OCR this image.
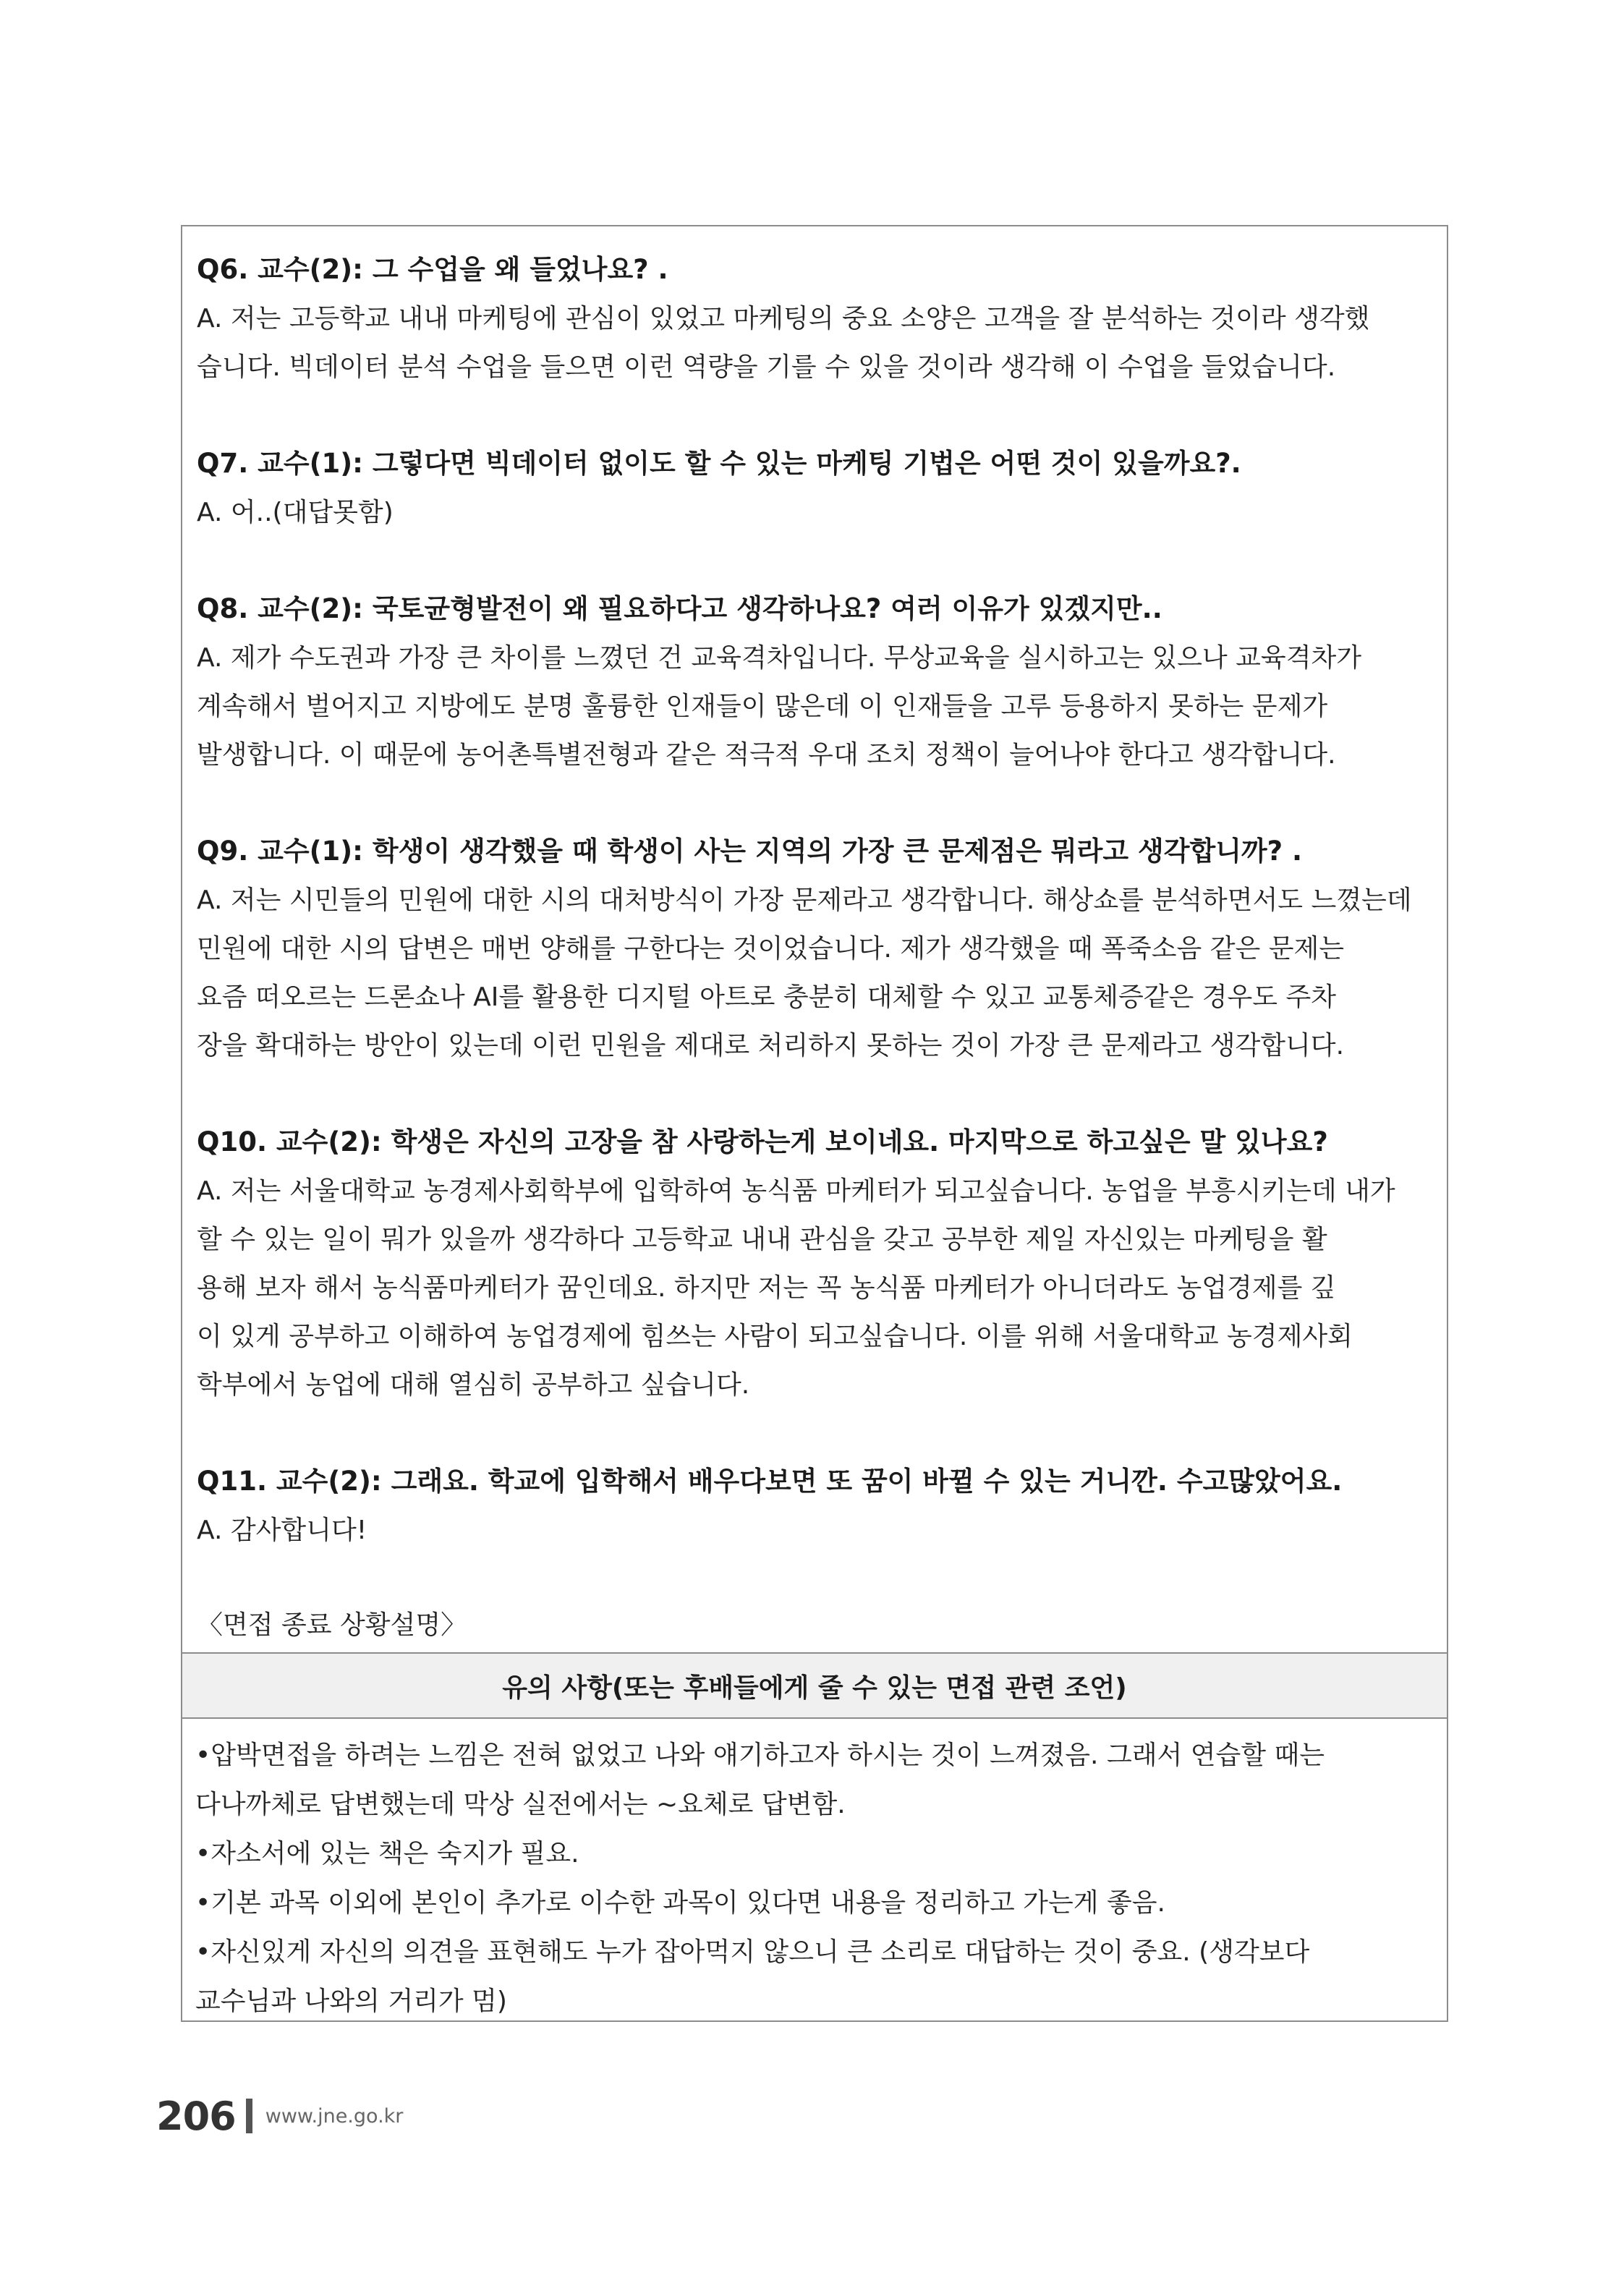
Q6. 교수(2): 그 수업을 왜 들었나요? .
A. 저는 고등학교 내내 마케팅에 관심이 있었고 마케팅의 중요 소양은 고객을 잘 분석하는 것이라 생각했
습니다. 빅데이터 분석 수업을 들으면 이런 역량을 기를 수 있을 것이라 생각해 이 수업을 들었습니다.
Q7. 교수(1): 그렇다면 빅데이터 없이도 할 수 있는 마케팅 기법은 어떤 것이 있을까요?.
A. 어..(대답못함)
Q8. 교수(2): 국토균형발전이 왜 필요하다고 생각하나요? 여러 이유가 있겠지만..
A. 제가 수도권과 가장 큰 차이를 느꼈던 건 교육격차입니다. 무상교육을 실시하고는 있으나 교육격차가
계속해서 벌어지고 지방에도 분명 훌륭한 인재들이 많은데 이 인재들을 고루 등용하지 못하는 문제가
발생합니다. 이 때문에 농어촌특별전형과 같은 적극적 우대 조치 정책이 늘어나야 한다고 생각합니다.
Q9. 교수(1): 학생이 생각했을 때 학생이 사는 지역의 가장 큰 문제점은 뭐라고 생각합니까? .
A. 저는 시민들의 민원에 대한 시의 대처방식이 가장 문제라고 생각합니다. 해상쇼를 분석하면서도 느꼈는데
민원에 대한 시의 답변은 매번 양해를 구한다는 것이었습니다. 제가 생각했을 때 폭죽소음 같은 문제는
요즘 떠오르는 드론쇼나 AI를 활용한 디지털 아트로 충분히 대체할 수 있고 교통체증같은 경우도 주차
장을 확대하는 방안이 있는데 이런 민원을 제대로 처리하지 못하는 것이 가장 큰 문제라고 생각합니다.
Q10. 교수(2): 학생은 자신의 고장을 참 사랑하는게 보이네요. 마지막으로 하고싶은 말 있나요?
A. 저는 서울대학교 농경제사회학부에 입학하여 농식품 마케터가 되고싶습니다. 농업을 부흥시키는데 내가
할 수 있는 일이 뭐가 있을까 생각하다 고등학교 내내 관심을 갖고 공부한 제일 자신있는 마케팅을 활
용해 보자 해서 농식품마케터가 꿈인데요. 하지만 저는 꼭 농식품 마케터가 아니더라도 농업경제를 깊
이 있게 공부하고 이해하여 농업경제에 힘쓰는 사람이 되고싶습니다. 이를 위해 서울대학교 농경제사회
학부에서 농업에 대해 열심히 공부하고 싶습니다.
Q11. 교수(2): 그래요. 학교에 입학해서 배우다보면 또 꿈이 바뀔 수 있는 거니깐. 수고많았어요.
A. 감사합니다!
〈면접 종료 상황설명〉
유의 사항(또는 후배들에게 줄 수 있는 면접 관련 조언)
•압박면접을 하려는 느낌은 전혀 없었고 나와 얘기하고자 하시는 것이 느껴졌음. 그래서 연습할 때는
다나까체로 답변했는데 막상 실전에서는 ~요체로 답변함.
•자소서에 있는 책은 숙지가 필요.
•기본 과목 이외에 본인이 추가로 이수한 과목이 있다면 내용을 정리하고 가는게 좋음.
•자신있게 자신의 의견을 표현해도 누가 잡아먹지 않으니 큰 소리로 대답하는 것이 중요. (생각보다
교수님과 나와의 거리가 멈)
206 www.jne.go.kr
